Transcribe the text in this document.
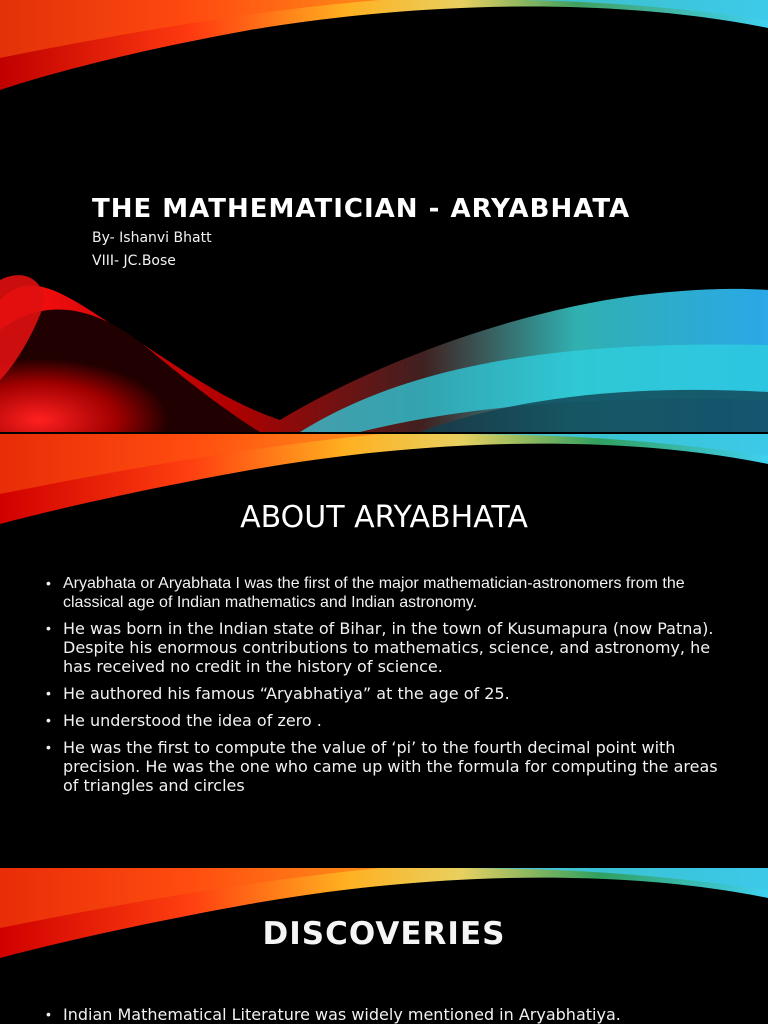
THE MATHEMATICIAN - ARYABHATA

By- Ishanvi Bhatt

VIII- JC.Bose

ABOUT ARYABHATA
• Aryabhata or Aryabhata I was the first of the major mathematician-astronomers from the classical age of Indian mathematics and Indian astronomy.
• He was born in the Indian state of Bihar, in the town of Kusumapura (now Patna). Despite his enormous contributions to mathematics, science, and astronomy, he has received no credit in the history of science.
• He authored his famous “Aryabhatiya” at the age of 25.
• He understood the idea of zero .
• He was the first to compute the value of ‘pi’ to the fourth decimal point with precision. He was the one who came up with the formula for computing the areas of triangles and circles
DISCOVERIES
• Indian Mathematical Literature was widely mentioned in Aryabhatiya.
